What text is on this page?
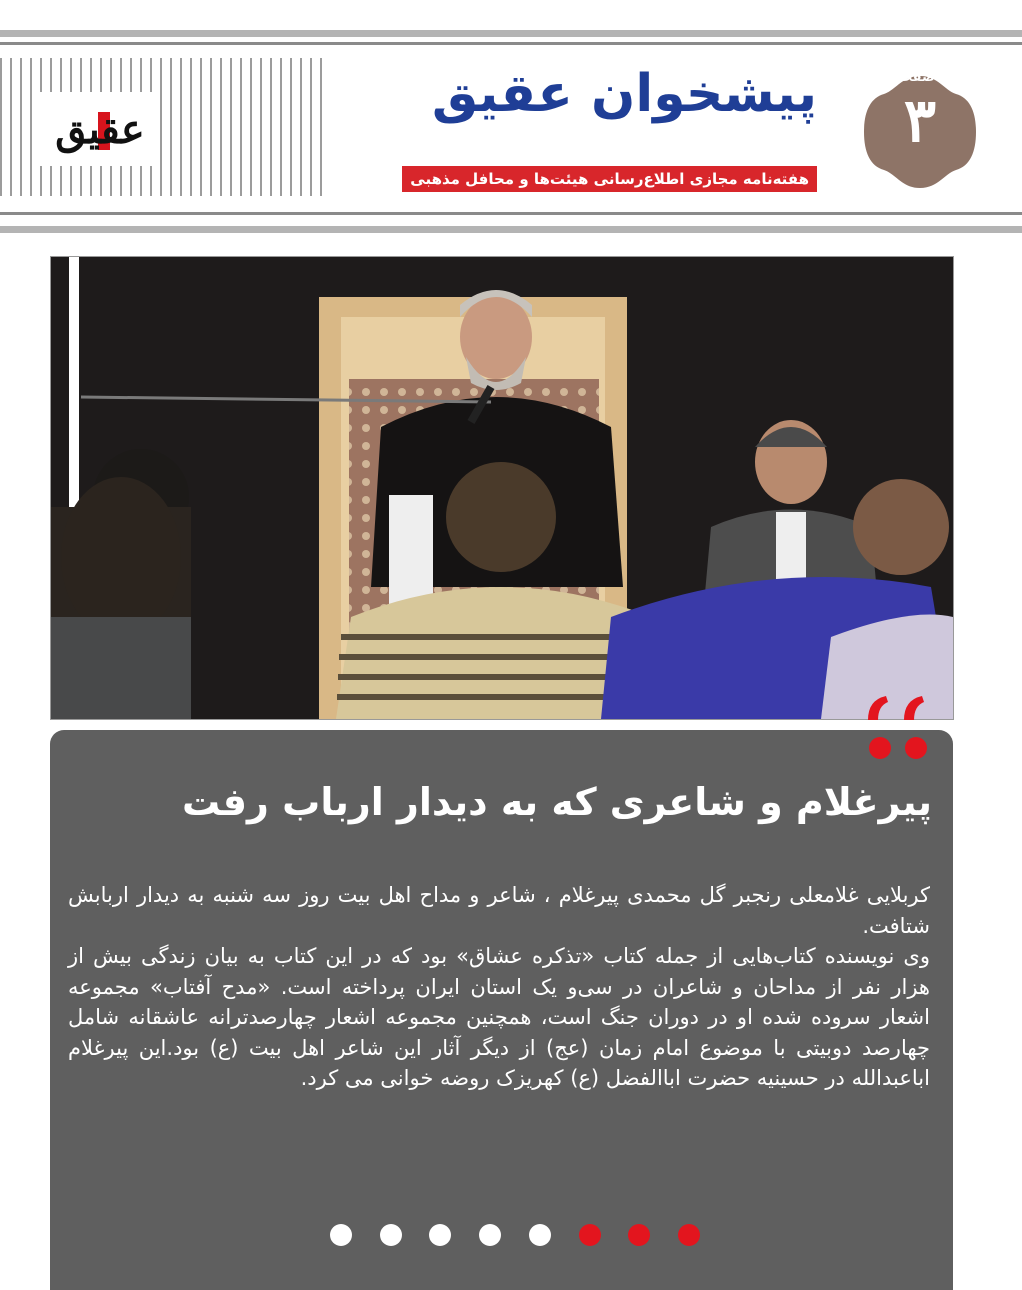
عقیق
پیشخوان عقیق
هفته‌نامه مجازی اطلاع‌رسانی هیئت‌ها و محافل مذهبی
صفحه
۳
پیرغلام و شاعری که به دیدار ارباب رفت

کربلایی غلامعلی رنجبر گل محمدی پیرغلام ، شاعر و مداح اهل بیت روز سه شنبه به دیدار اربابش شتافت.

وی نویسنده کتاب‌هایی از جمله کتاب «تذکره عشاق» بود که در این کتاب به بیان زندگی بیش از هزار نفر از مداحان و شاعران در سی‌و یک استان ایران پرداخته است. «مدح آفتاب» مجموعه اشعار سروده شده او در دوران جنگ است، همچنین مجموعه اشعار چهارصدترانه عاشقانه شامل چهارصد دوبیتی با موضوع امام زمان (عج) از دیگر آثار این شاعر اهل بیت (ع) بود.این پیرغلام اباعبدالله در حسینیه حضرت اباالفضل (ع) کهریزک روضه خوانی می کرد.
